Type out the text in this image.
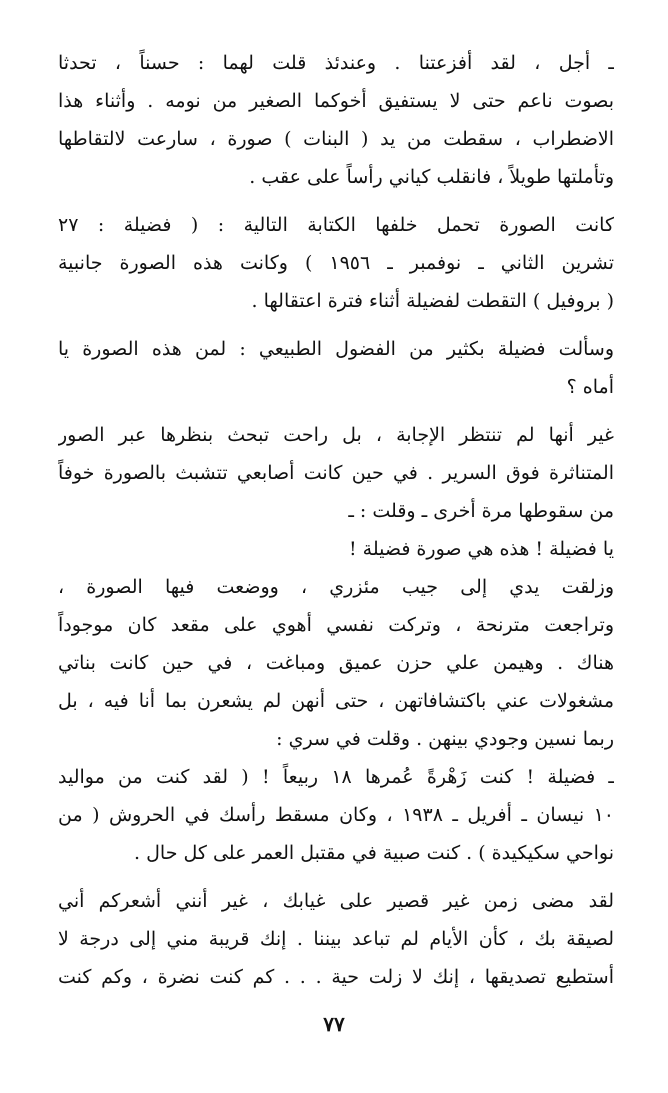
ـ أجل ، لقد أفزعتنا . وعندئذ قلت لهما : حسناً ، تحدثا
بصوت ناعم حتى لا يستفيق أخوكما الصغير من نومه . وأثناء هذا
الاضطراب ، سقطت من يد ( البنات ) صورة ، سارعت لالتقاطها
وتأملتها طويلاً ، فانقلب كياني رأساً على عقب .

كانت الصورة تحمل خلفها الكتابة التالية : ( فضيلة : ٢٧
تشرين الثاني ـ نوفمبر ـ ١٩٥٦ ) وكانت هذه الصورة جانبية
( بروفيل ) التقطت لفضيلة أثناء فترة اعتقالها .

وسألت فضيلة بكثير من الفضول الطبيعي : لمن هذه الصورة يا
أماه ؟

غير أنها لم تنتظر الإجابة ، بل راحت تبحث بنظرها عبر الصور
المتناثرة فوق السرير . في حين كانت أصابعي تتشبث بالصورة خوفاً
من سقوطها مرة أخرى ـ وقلت : ـ
يا فضيلة ! هذه هي صورة فضيلة !
وزلقت يدي إلى جيب مئزري ، ووضعت فيها الصورة ،
وتراجعت مترنحة ، وتركت نفسي أهوي على مقعد كان موجوداً
هناك . وهيمن علي حزن عميق ومباغت ، في حين كانت بناتي
مشغولات عني باكتشافاتهن ، حتى أنهن لم يشعرن بما أنا فيه ، بل
ربما نسين وجودي بينهن . وقلت في سري :
ـ فضيلة ! كنت زَهْرةً عُمرها ١٨ ربيعاً ! ( لقد كنت من مواليد
١٠ نيسان ـ أفريل ـ ١٩٣٨ ، وكان مسقط رأسك في الحروش ( من
نواحي سكيكيدة ) . كنت صبية في مقتبل العمر على كل حال .

لقد مضى زمن غير قصير على غيابك ، غير أنني أشعركم أني
لصيقة بك ، كأن الأيام لم تباعد بيننا . إنك قريبة مني إلى درجة لا
أستطيع تصديقها ، إنك لا زلت حية . . . كم كنت نضرة ، وكم كنت

٧٧
